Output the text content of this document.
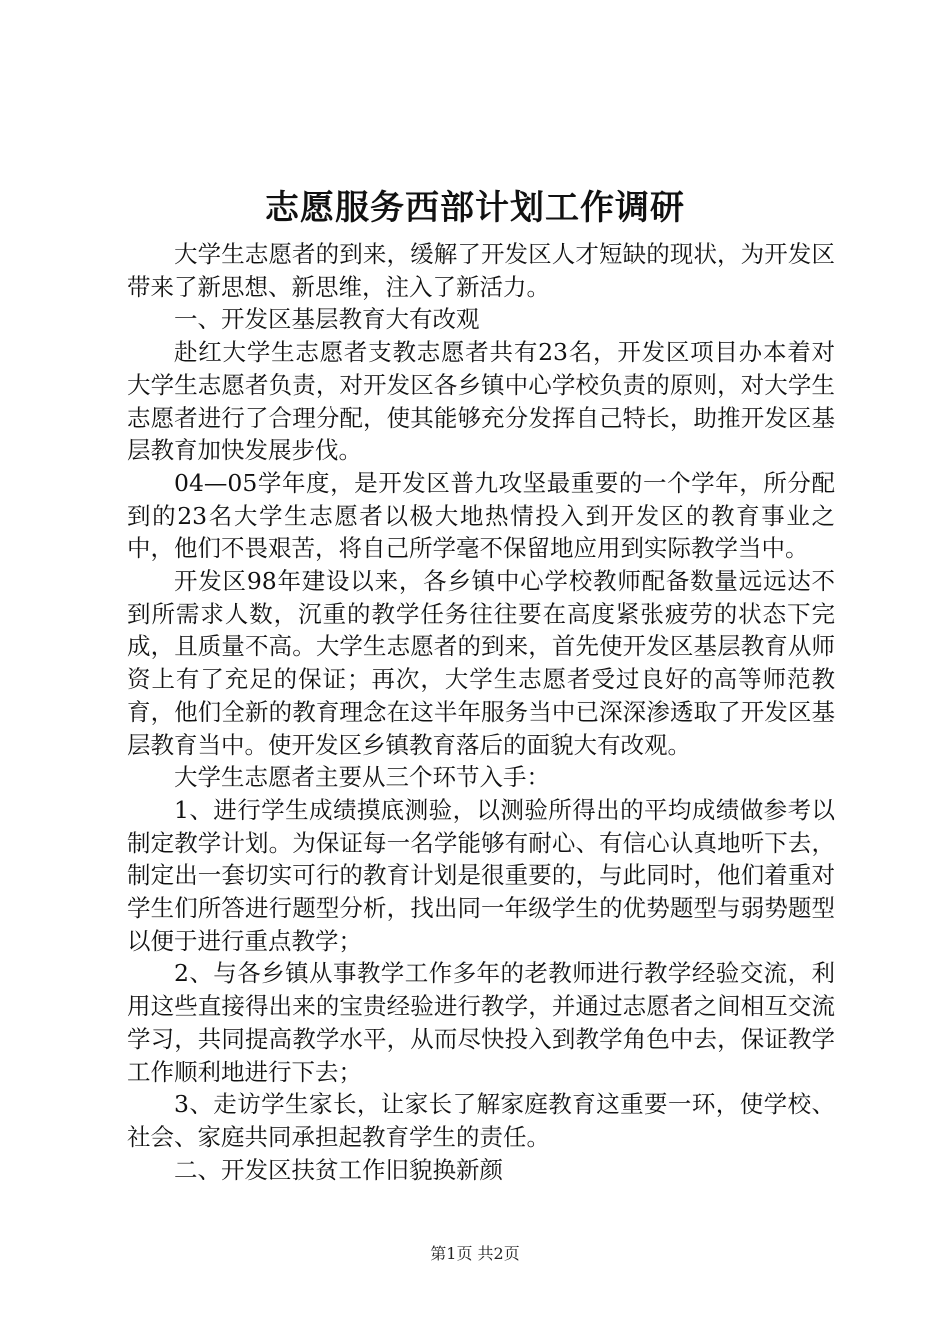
志愿服务西部计划工作调研

大学生志愿者的到来，缓解了开发区人才短缺的现状，为开发区带来了新思想、新思维，注入了新活力。

一、开发区基层教育大有改观

赴红大学生志愿者支教志愿者共有23名，开发区项目办本着对大学生志愿者负责，对开发区各乡镇中心学校负责的原则，对大学生志愿者进行了合理分配，使其能够充分发挥自己特长，助推开发区基层教育加快发展步伐。

04—05学年度，是开发区普九攻坚最重要的一个学年，所分配到的23名大学生志愿者以极大地热情投入到开发区的教育事业之中，他们不畏艰苦，将自己所学毫不保留地应用到实际教学当中。

开发区98年建设以来，各乡镇中心学校教师配备数量远远达不到所需求人数，沉重的教学任务往往要在高度紧张疲劳的状态下完成，且质量不高。大学生志愿者的到来，首先使开发区基层教育从师资上有了充足的保证；再次，大学生志愿者受过良好的高等师范教育，他们全新的教育理念在这半年服务当中已深深渗透取了开发区基层教育当中。使开发区乡镇教育落后的面貌大有改观。

大学生志愿者主要从三个环节入手：

1、进行学生成绩摸底测验，以测验所得出的平均成绩做参考以制定教学计划。为保证每一名学能够有耐心、有信心认真地听下去，制定出一套切实可行的教育计划是很重要的，与此同时，他们着重对学生们所答进行题型分析，找出同一年级学生的优势题型与弱势题型以便于进行重点教学；

2、与各乡镇从事教学工作多年的老教师进行教学经验交流，利用这些直接得出来的宝贵经验进行教学，并通过志愿者之间相互交流学习，共同提高教学水平，从而尽快投入到教学角色中去，保证教学工作顺利地进行下去；

3、走访学生家长，让家长了解家庭教育这重要一环，使学校、社会、家庭共同承担起教育学生的责任。

二、开发区扶贫工作旧貌换新颜

第1页 共2页
